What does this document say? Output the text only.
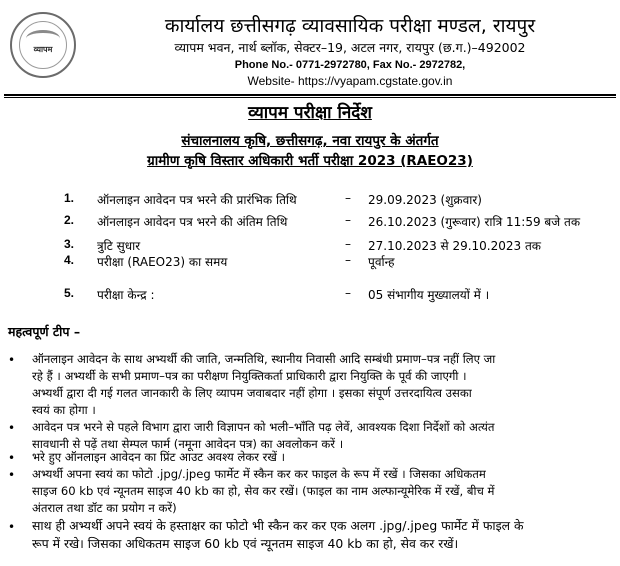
व्यापम
कार्यालय छत्तीसगढ़ व्यावसायिक परीक्षा मण्डल, रायपुर
व्यापम भवन, नार्थ ब्लॉक, सेक्टर–19, अटल नगर, रायपुर (छ.ग.)–492002
Phone No.- 0771-2972780, Fax No.- 2972782,
Website- https://vyapam.cgstate.gov.in
व्यापम परीक्षा निर्देश
संचालनालय कृषि, छत्तीसगढ़, नवा रायपुर के अंतर्गत
ग्रामीण कृषि विस्तार अधिकारी भर्ती परीक्षा 2023 (RAEO23)
1. ऑनलाइन आवेदन पत्र भरने की प्रारंभिक तिथि	– 29.09.2023 (शुक्रवार)
2. ऑनलाइन आवेदन पत्र भरने की अंतिम तिथि	– 26.10.2023 (गुरूवार) रात्रि 11:59 बजे तक
3. त्रुटि सुधार	– 27.10.2023 से 29.10.2023 तक
4. परीक्षा (RAEO23) का समय	– पूर्वान्ह
5. परीक्षा केन्द्र :	– 05 संभागीय मुख्यालयों में ।
महत्वपूर्ण टीप –
• ऑनलाइन आवेदन के साथ अभ्यर्थी की जाति, जन्मतिथि, स्थानीय निवासी आदि सम्बंधी प्रमाण–पत्र नहीं लिए जा
रहे हैं । अभ्यर्थी के सभी प्रमाण–पत्र का परीक्षण नियुक्तिकर्ता प्राधिकारी द्वारा नियुक्ति के पूर्व की जाएगी ।
अभ्यर्थी द्वारा दी गई गलत जानकारी के लिए व्यापम जवाबदार नहीं होगा । इसका संपूर्ण उत्तरदायित्व उसका
स्वयं का होगा ।
• आवेदन पत्र भरने से पहले विभाग द्वारा जारी विज्ञापन को भली–भाँति पढ़ लेवें, आवश्यक दिशा निर्देशों को अत्यंत
सावधानी से पढ़ें तथा सेम्पल फार्म (नमूना आवेदन पत्र) का अवलोकन करें ।
• भरे हुए ऑनलाइन आवेदन का प्रिंट आउट अवश्य लेकर रखें ।
• अभ्यर्थी अपना स्वयं का फोटो .jpg/.jpeg फार्मेट में स्कैन कर कर फाइल के रूप में रखें । जिसका अधिकतम
साइज 60 kb एवं न्यूनतम साइज 40 kb का हो, सेव कर रखें। (फाइल का नाम अल्फान्यूमेरिक में रखें, बीच में
अंतराल तथा डॉट का प्रयोग न करें)
• साथ ही अभ्यर्थी अपने स्वयं के हस्ताक्षर का फोटो भी स्कैन कर कर एक अलग .jpg/.jpeg फार्मेट में फाइल के
रूप में रखे। जिसका अधिकतम साइज 60 kb एवं न्यूनतम साइज 40 kb का हो, सेव कर रखें।
